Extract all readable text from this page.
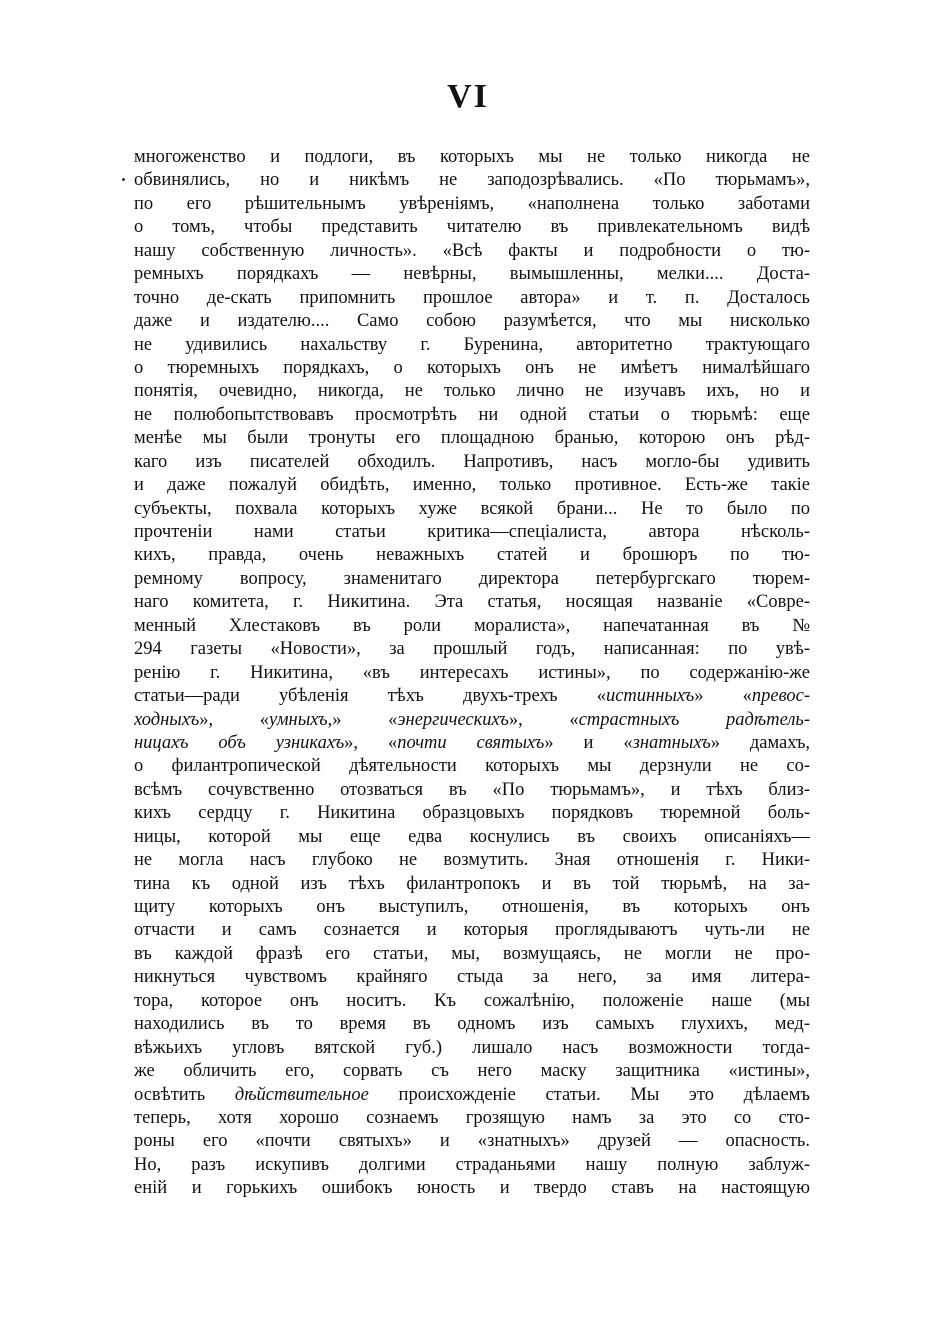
VI
многоженство и подлоги, въ которыхъ мы не только никогда не
обвинялись, но и никѣмъ не заподозрѣвались. «По тюрьмамъ»,
по его рѣшительнымъ увѣреніямъ, «наполнена только заботами
о томъ, чтобы представить читателю въ привлекательномъ видѣ
нашу собственную личность». «Всѣ факты и подробности о тю-
ремныхъ порядкахъ — невѣрны, вымышленны, мелки.... Доста-
точно де-скать припомнить прошлое автора» и т. п. Досталось
даже и издателю.... Само собою разумѣется, что мы нисколько
не удивились нахальству г. Буренина, авторитетно трактующаго
о тюремныхъ порядкахъ, о которыхъ онъ не имѣетъ нималѣйшаго
понятія, очевидно, никогда, не только лично не изучавъ ихъ, но и
не полюбопытствовавъ просмотрѣть ни одной статьи о тюрьмѣ: еще
менѣе мы были тронуты его площадною бранью, которою онъ рѣд-
каго изъ писателей обходилъ. Напротивъ, насъ могло-бы удивить
и даже пожалуй обидѣть, именно, только противное. Есть-же такіе
субъекты, похвала которыхъ хуже всякой брани... Не то было по
прочтеніи нами статьи критика—спеціалиста, автора нѣсколь-
кихъ, правда, очень неважныхъ статей и брошюръ по тю-
ремному вопросу, знаменитаго директора петербургскаго тюрем-
наго комитета, г. Никитина. Эта статья, носящая названіе «Совре-
менный Хлестаковъ въ роли моралиста», напечатанная въ №
294 газеты «Новости», за прошлый годъ, написанная: по увѣ-
ренію г. Никитина, «въ интересахъ истины», по содержанію-же
статьи—ради убѣленія тѣхъ двухъ-трехъ «истинныхъ» «превос-
ходныхъ», «умныхъ,» «энергическихъ», «страстныхъ радѣтель-
ницахъ объ узникахъ», «почти святыхъ» и «знатныхъ» дамахъ,
о филантропической дѣятельности которыхъ мы дерзнули не со-
всѣмъ сочувственно отозваться въ «По тюрьмамъ», и тѣхъ близ-
кихъ сердцу г. Никитина образцовыхъ порядковъ тюремной боль-
ницы, которой мы еще едва коснулись въ своихъ описаніяхъ—
не могла насъ глубоко не возмутить. Зная отношенія г. Ники-
тина къ одной изъ тѣхъ филантропокъ и въ той тюрьмѣ, на за-
щиту которыхъ онъ выступилъ, отношенія, въ которыхъ онъ
отчасти и самъ сознается и которыя проглядываютъ чуть-ли не
въ каждой фразѣ его статьи, мы, возмущаясь, не могли не про-
никнуться чувствомъ крайняго стыда за него, за имя литера-
тора, которое онъ носитъ. Къ сожалѣнію, положеніе наше (мы
находились въ то время въ одномъ изъ самыхъ глухихъ, мед-
вѣжьихъ угловъ вятской губ.) лишало насъ возможности тогда-
же обличить его, сорвать съ него маску защитника «истины»,
освѣтить дѣйствительное происхожденіе статьи. Мы это дѣлаемъ
теперь, хотя хорошо сознаемъ грозящую намъ за это со сто-
роны его «почти святыхъ» и «знатныхъ» друзей — опасность.
Но, разъ искупивъ долгими страданьями нашу полную заблуж-
еній и горькихъ ошибокъ юность и твердо ставъ на настоящую
